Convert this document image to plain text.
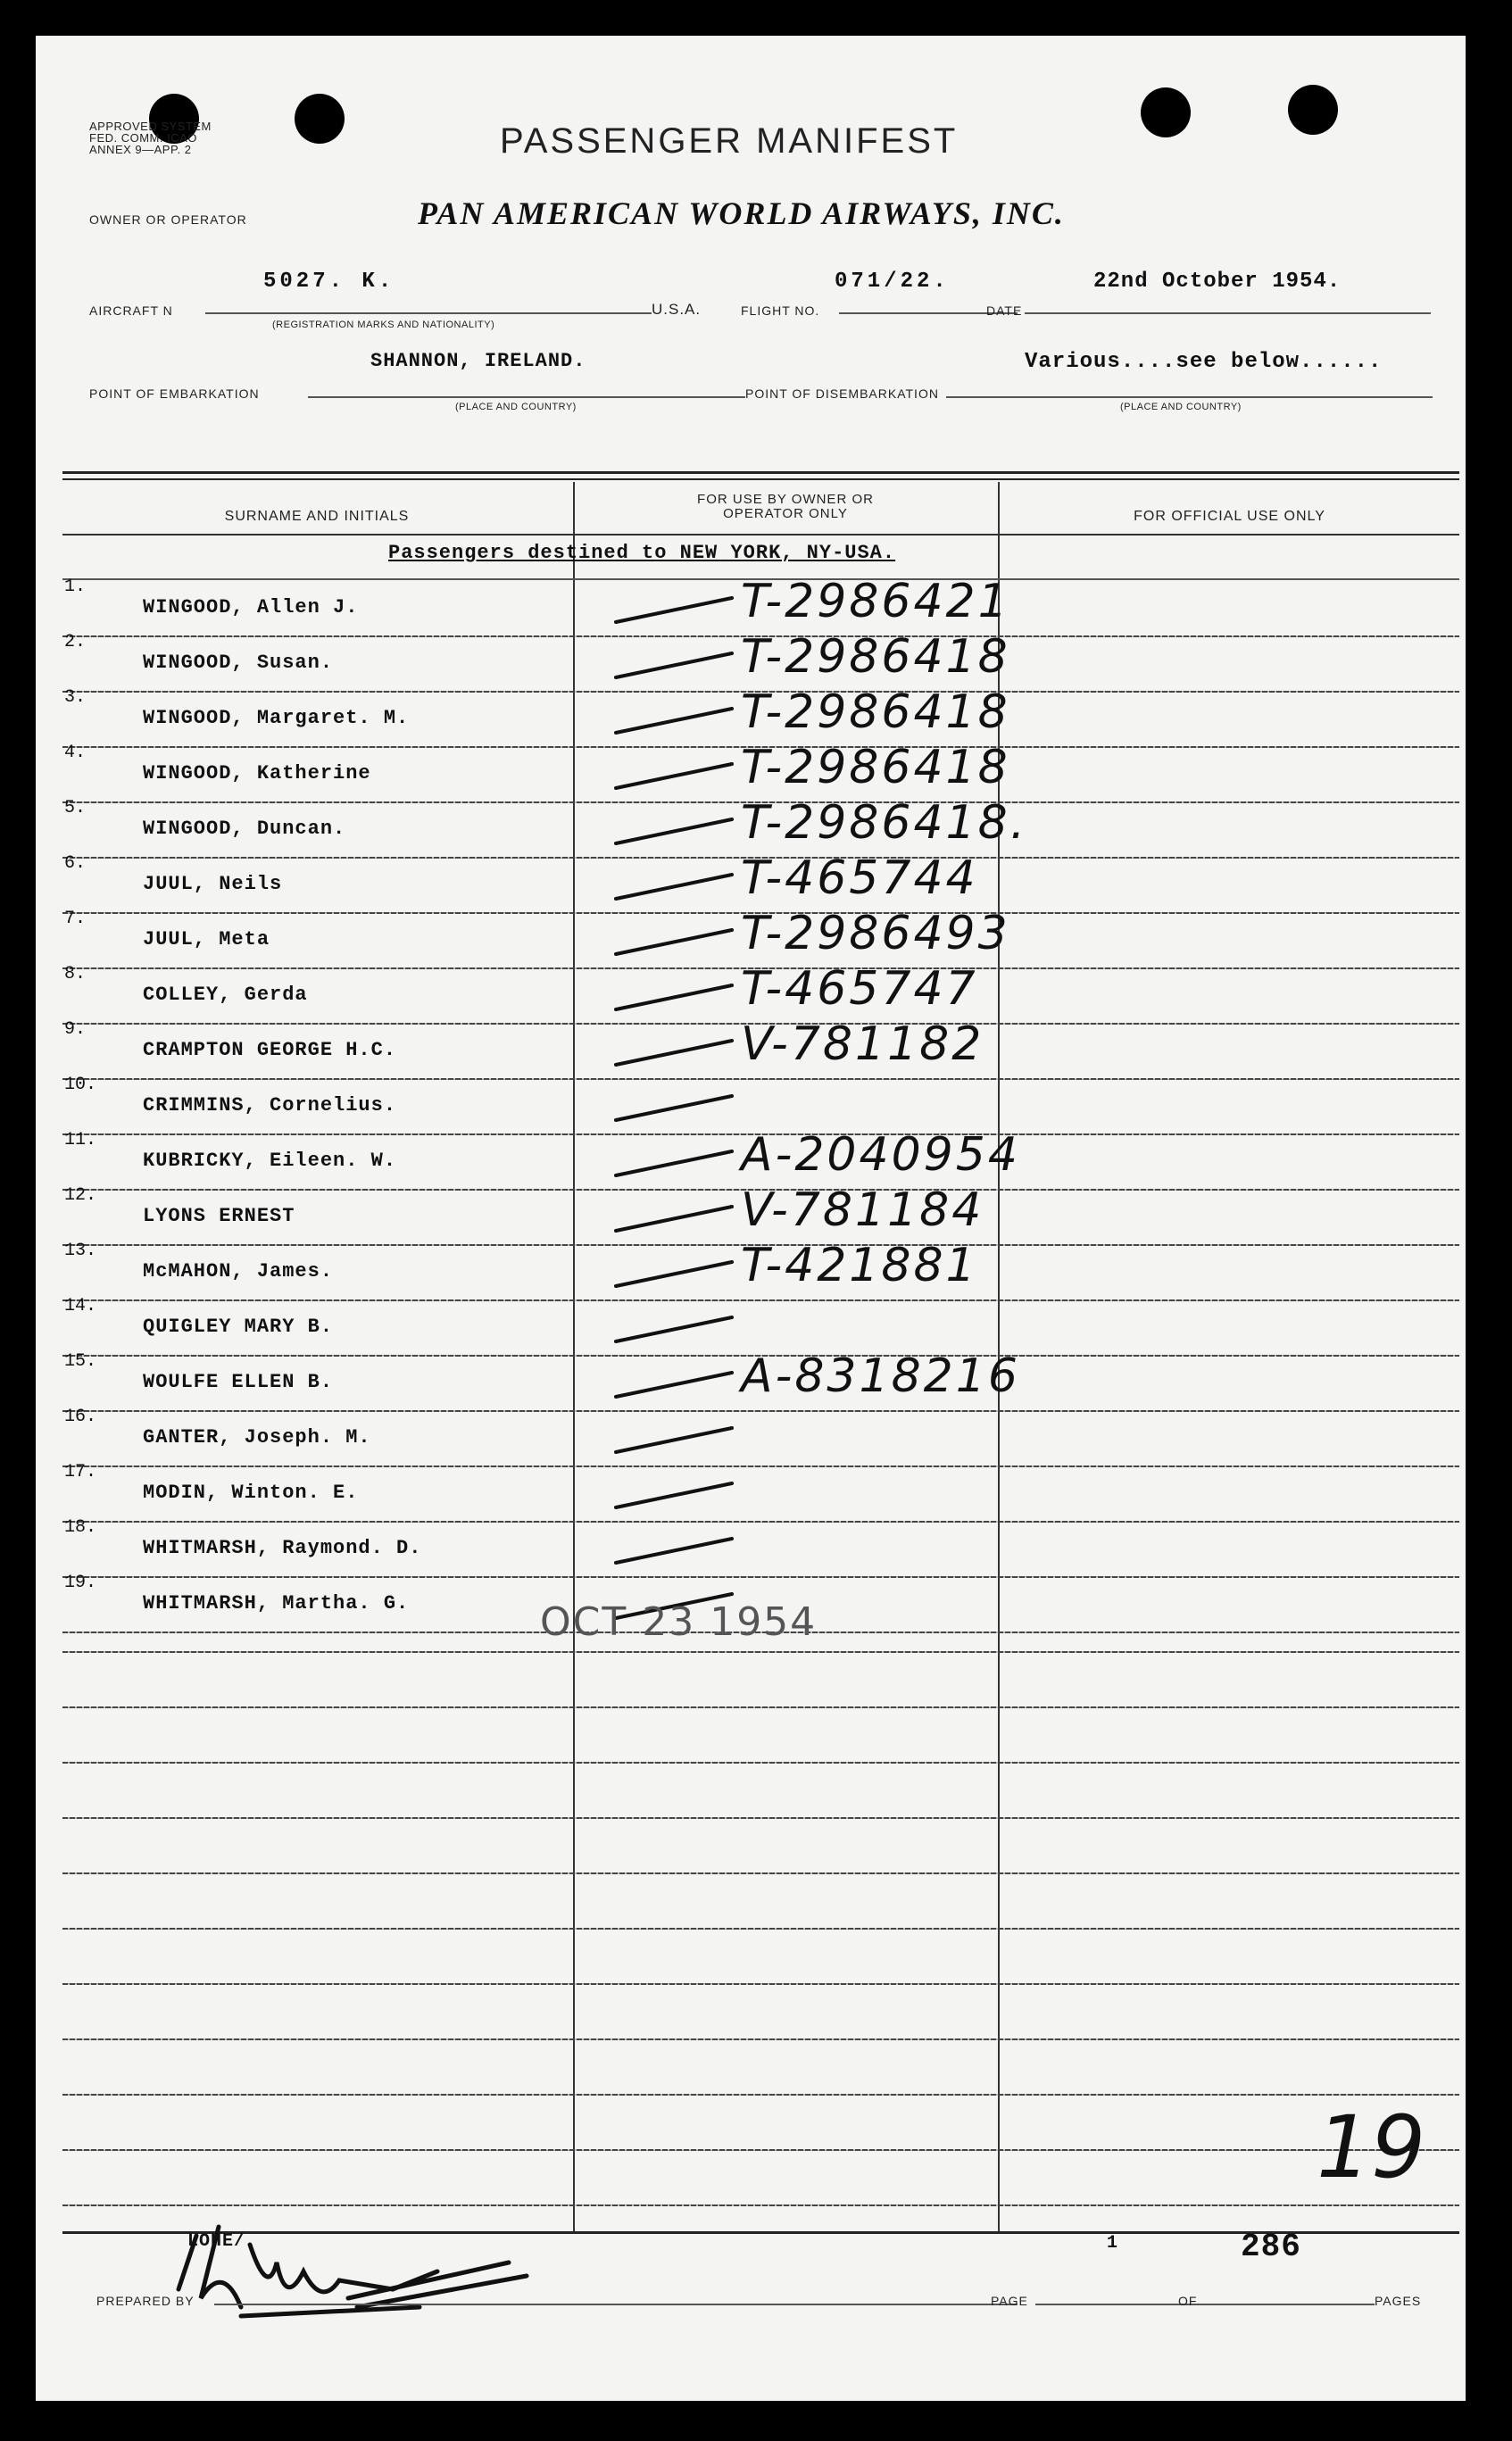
APPROVED SYSTEM FED. COMM. ICAO ANNEX 9—APP. 2	PASSENGER MANIFEST
OWNER OR OPERATOR	PAN AMERICAN WORLD AIRWAYS, INC.
AIRCRAFT N
5027. K.
(REGISTRATION MARKS AND NATIONALITY)
U.S.A.	FLIGHT NO.
071/22.
DATE
22nd October 1954.
POINT OF EMBARKATION
SHANNON, IRELAND.
(PLACE AND COUNTRY)
POINT OF DISEMBARKATION
Various....see below......
(PLACE AND COUNTRY)
SURNAME AND INITIALS
FOR USE BY OWNER OR OPERATOR ONLY	FOR OFFICIAL USE ONLY
Passengers destined to NEW YORK, NY-USA.
1.
WINGOOD, Allen J.	T-2986421
2.
WINGOOD, Susan.	T-2986418
3.
WINGOOD, Margaret. M.	T-2986418
4.
WINGOOD, Katherine	T-2986418
5.
WINGOOD, Duncan.	T-2986418.
6.
JUUL, Neils	T-465744
7.
JUUL, Meta	T-2986493
8.
COLLEY, Gerda	T-465747
9.
CRAMPTON GEORGE H.C.	V-781182
10.
CRIMMINS, Cornelius.
11.
KUBRICKY, Eileen. W.	A-2040954
12.
LYONS ERNEST	V-781184
13.
McMAHON, James.	T-421881
14.
QUIGLEY MARY B.
15.
WOULFE ELLEN B.	A-8318216
16.
GANTER, Joseph. M.
17.
MODIN, Winton. E.
18.
WHITMARSH, Raymond. D.
19.
WHITMARSH, Martha. G.	OCT 23 1954
19
LOHE/
PREPARED BY
1
PAGE	OF
286
PAGES
